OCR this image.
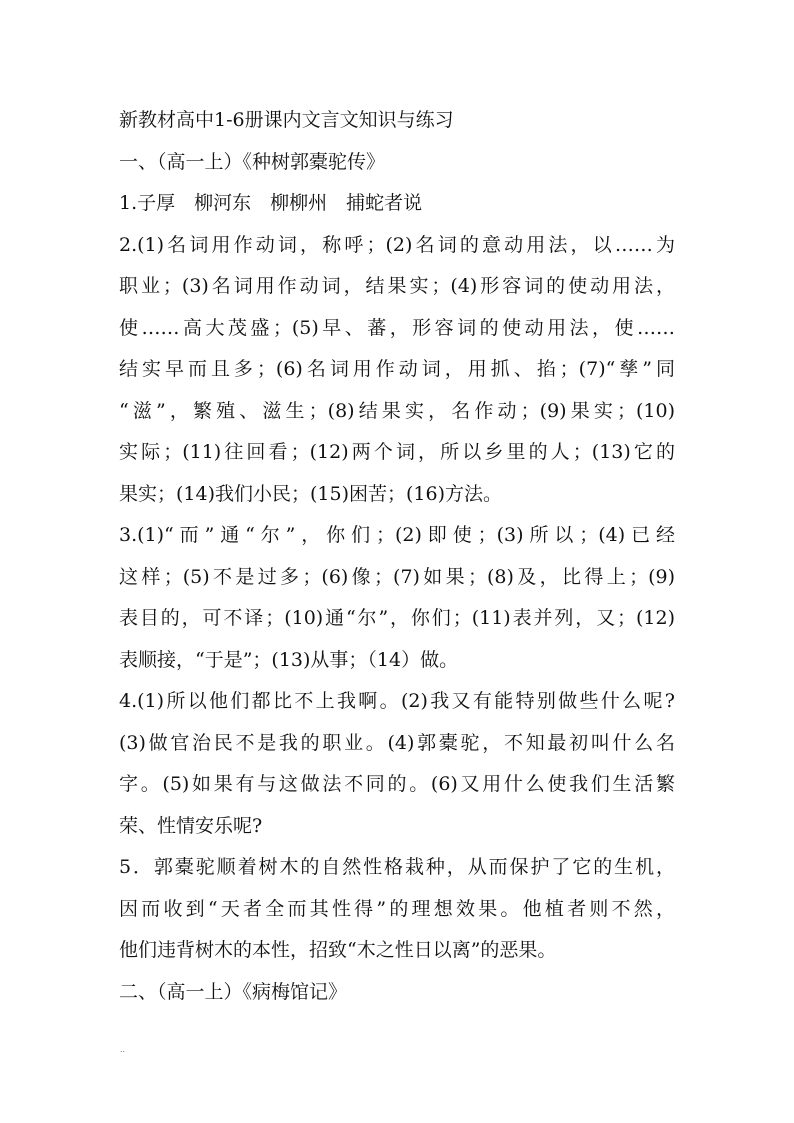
新教材高中1-6册课内文言文知识与练习
一、（高一上）《种树郭橐驼传》
1.子厚　柳河东　柳柳州　捕蛇者说
2.(1)名词用作动词，称呼；(2)名词的意动用法，以……为
职业；(3)名词用作动词，结果实；(4)形容词的使动用法，
使……高大茂盛；(5)早、蕃，形容词的使动用法，使……
结实早而且多；(6)名词用作动词，用抓、掐；(7)“孳”同
“滋”，繁殖、滋生；(8)结果实，名作动；(9)果实；(10)
实际；(11)往回看；(12)两个词，所以乡里的人；(13)它的
果实；(14)我们小民；(15)困苦；(16)方法。
3.(1)“而”通“尔”，你们；(2)即使；(3)所以；(4)已经
这样；(5)不是过多；(6)像；(7)如果；(8)及，比得上；(9)
表目的，可不译；(10)通“尔”，你们；(11)表并列，又；(12)
表顺接，“于是”；(13)从事；（14）做。
4.(1)所以他们都比不上我啊。(2)我又有能特别做些什么呢?
(3)做官治民不是我的职业。(4)郭橐驼，不知最初叫什么名
字。(5)如果有与这做法不同的。(6)又用什么使我们生活繁
荣、性情安乐呢?
5．郭橐驼顺着树木的自然性格栽种，从而保护了它的生机，
因而收到“天者全而其性得”的理想效果。他植者则不然，
他们违背树木的本性，招致“木之性日以离”的恶果。
二、（高一上）《病梅馆记》
..
